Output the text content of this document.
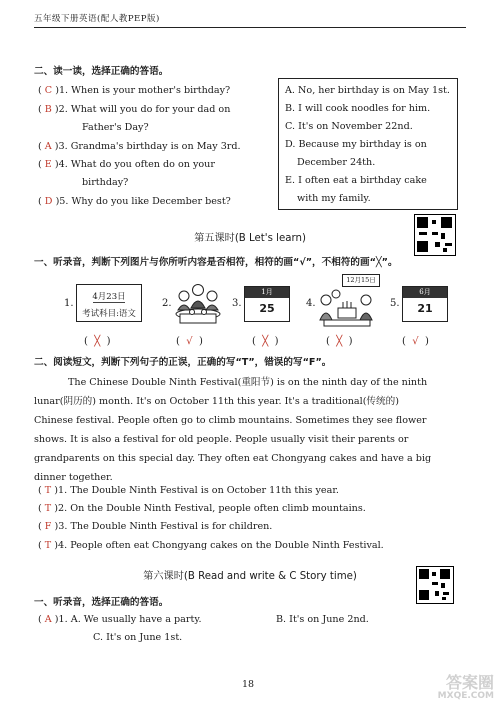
五年级下册英语(配人教PEP版)
二、读一读，选择正确的答语。
( C )1. When is your mother's birthday?
( B )2. What will you do for your dad on
Father's Day?
( A )3. Grandma's birthday is on May 3rd.
( E )4. What do you often do on your
birthday?
( D )5. Why do you like December best?
A. No, her birthday is on May 1st.
B. I will cook noodles for him.
C. It's on November 22nd.
D. Because my birthday is on
December 24th.
E. I often eat a birthday cake
with my family.
第五课时(B Let's learn)
一、听录音，判断下列图片与你所听内容是否相符，相符的画“√”，不相符的画“╳”。
1.
4月23日
考试科目:语文
2.	3.
1月
25	4.
12月15日
5.
6月
21
(  ╳  )	(  √  )	(  ╳  )	(  ╳  )	(  √  )
二、阅读短文，判断下列句子的正误，正确的写“T”，错误的写“F”。
The Chinese Double Ninth Festival(重阳节) is on the ninth day of the ninth
lunar(阴历的) month. It's on October 11th this year. It's a traditional(传统的)
Chinese festival. People often go to climb mountains. Sometimes they see flower
shows. It is also a festival for old people. People usually visit their parents or
grandparents on this special day. They often eat Chongyang cakes and have a big
dinner together.
( T )1. The Double Ninth Festival is on October 11th this year.
( T )2. On the Double Ninth Festival, people often climb mountains.
( F )3. The Double Ninth Festival is for children.
( T )4. People often eat Chongyang cakes on the Double Ninth Festival.
第六课时(B Read and write & C Story time)
一、听录音，选择正确的答语。
( A )1. A. We usually have a party.	B. It's on June 2nd.
C. It's on June 1st.
18	答案圈
MXQE.COM
